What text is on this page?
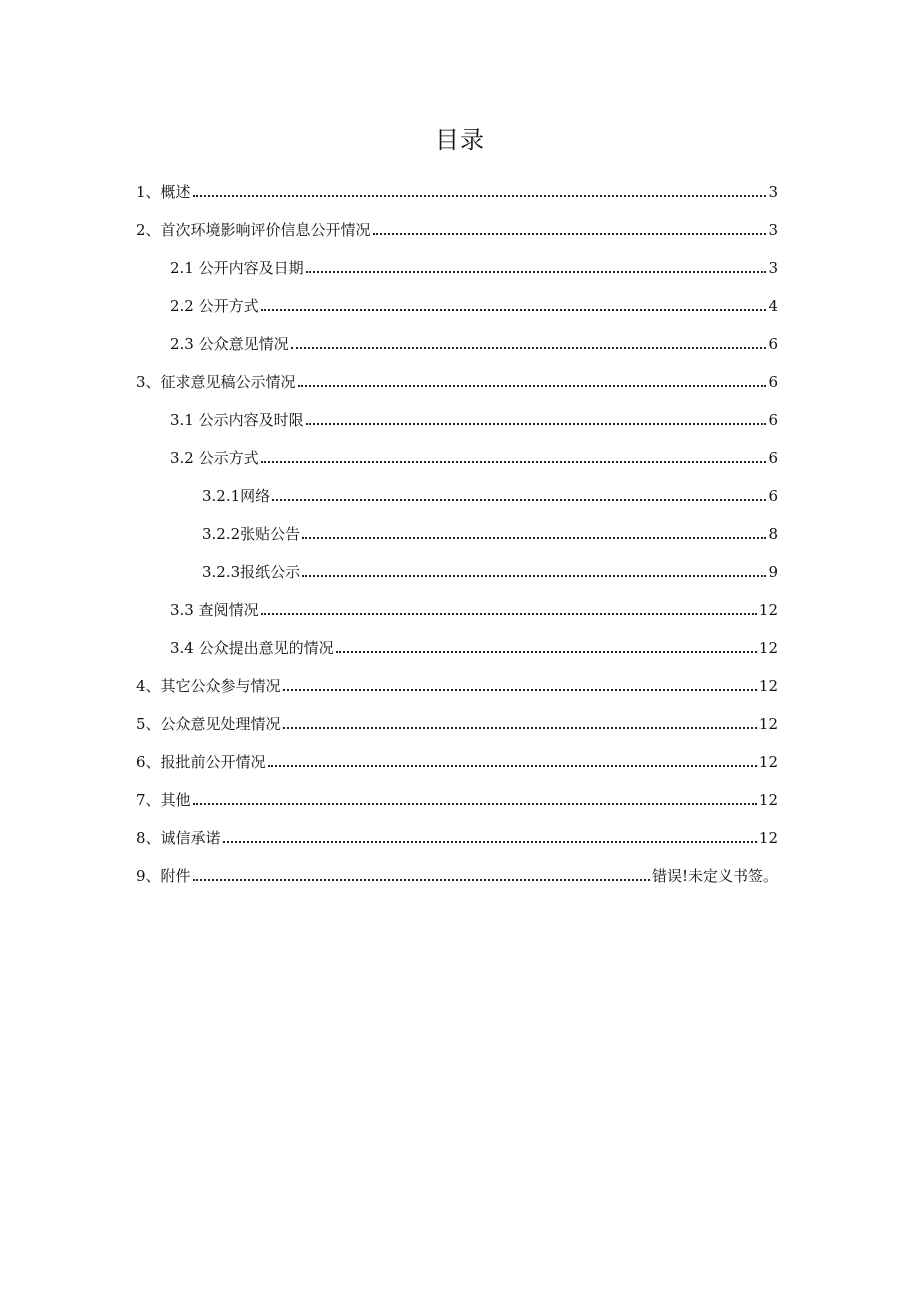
目录
1、概述	3
2、首次环境影响评价信息公开情况	3
2.1 公开内容及日期	3
2.2 公开方式	4
2.3 公众意见情况	6
3、征求意见稿公示情况	6
3.1 公示内容及时限	6
3.2 公示方式	6
3.2.1网络	6
3.2.2张贴公告	8
3.2.3报纸公示	9
3.3 查阅情况	12
3.4 公众提出意见的情况	12
4、其它公众参与情况	12
5、公众意见处理情况	12
6、报批前公开情况	12
7、其他	12
8、诚信承诺	12
9、附件	错误!未定义书签。
